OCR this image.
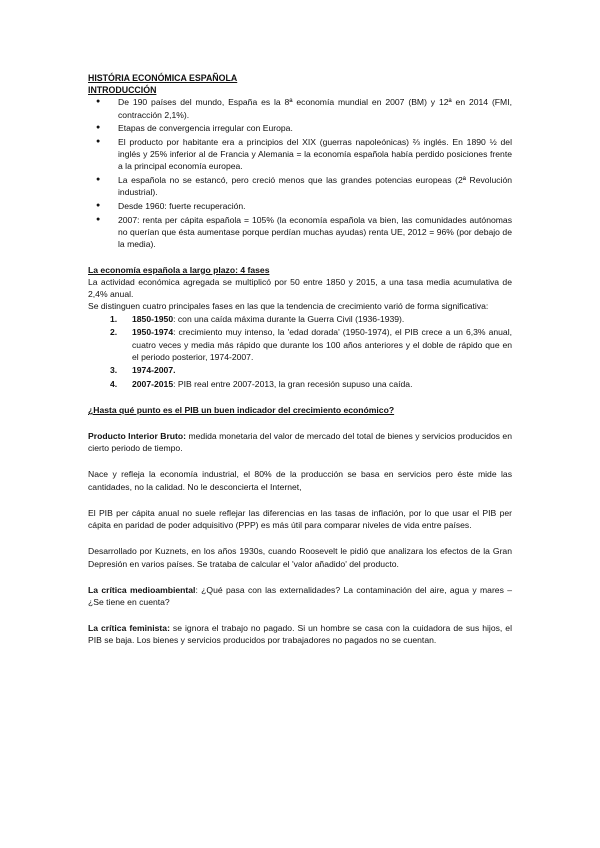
HISTÓRIA ECONÓMICA ESPAÑOLA
INTRODUCCIÓN
● De 190 países del mundo, España es la 8ª economía mundial en 2007 (BM) y 12ª en 2014 (FMI, contracción 2,1%).
● Etapas de convergencia irregular con Europa.
● El producto por habitante era a principios del XIX (guerras napoleónicas) ⅔ inglés. En 1890 ½ del inglés y 25% inferior al de Francia y Alemania = la economía española había perdido posiciones frente a la principal economía europea.
● La española no se estancó, pero creció menos que las grandes potencias europeas (2ª Revolución industrial).
● Desde 1960: fuerte recuperación.
● 2007: renta per cápita española = 105% (la economía española va bien, las comunidades autónomas no querían que ésta aumentase porque perdían muchas ayudas) renta UE, 2012 = 96% (por debajo de la media).
La economía española a largo plazo: 4 fases

La actividad económica agregada se multiplicó por 50 entre 1850 y 2015, a una tasa media acumulativa de 2,4% anual.

Se distinguen cuatro principales fases en las que la tendencia de crecimiento varió de forma significativa:

1. 1850-1950: con una caída máxima durante la Guerra Civil (1936-1939).
2. 1950-1974: crecimiento muy intenso, la 'edad dorada' (1950-1974), el PIB crece a un 6,3% anual, cuatro veces y media más rápido que durante los 100 años anteriores y el doble de rápido que en el periodo posterior, 1974-2007.
3. 1974-2007.
4. 2007-2015: PIB real entre 2007-2013, la gran recesión supuso una caída.
¿Hasta qué punto es el PIB un buen indicador del crecimiento económico?

Producto Interior Bruto: medida monetaria del valor de mercado del total de bienes y servicios producidos en cierto periodo de tiempo.

Nace y refleja la economía industrial, el 80% de la producción se basa en servicios pero éste mide las cantidades, no la calidad. No le desconcierta el Internet,

El PIB per cápita anual no suele reflejar las diferencias en las tasas de inflación, por lo que usar el PIB per cápita en paridad de poder adquisitivo (PPP) es más útil para comparar niveles de vida entre países.

Desarrollado por Kuznets, en los años 1930s, cuando Roosevelt le pidió que analizara los efectos de la Gran Depresión en varios países. Se trataba de calcular el 'valor añadido' del producto.

La crítica medioambiental: ¿Qué pasa con las externalidades? La contaminación del aire, agua y mares – ¿Se tiene en cuenta?

La crítica feminista: se ignora el trabajo no pagado. Si un hombre se casa con la cuidadora de sus hijos, el PIB se baja. Los bienes y servicios producidos por trabajadores no pagados no se cuentan.
